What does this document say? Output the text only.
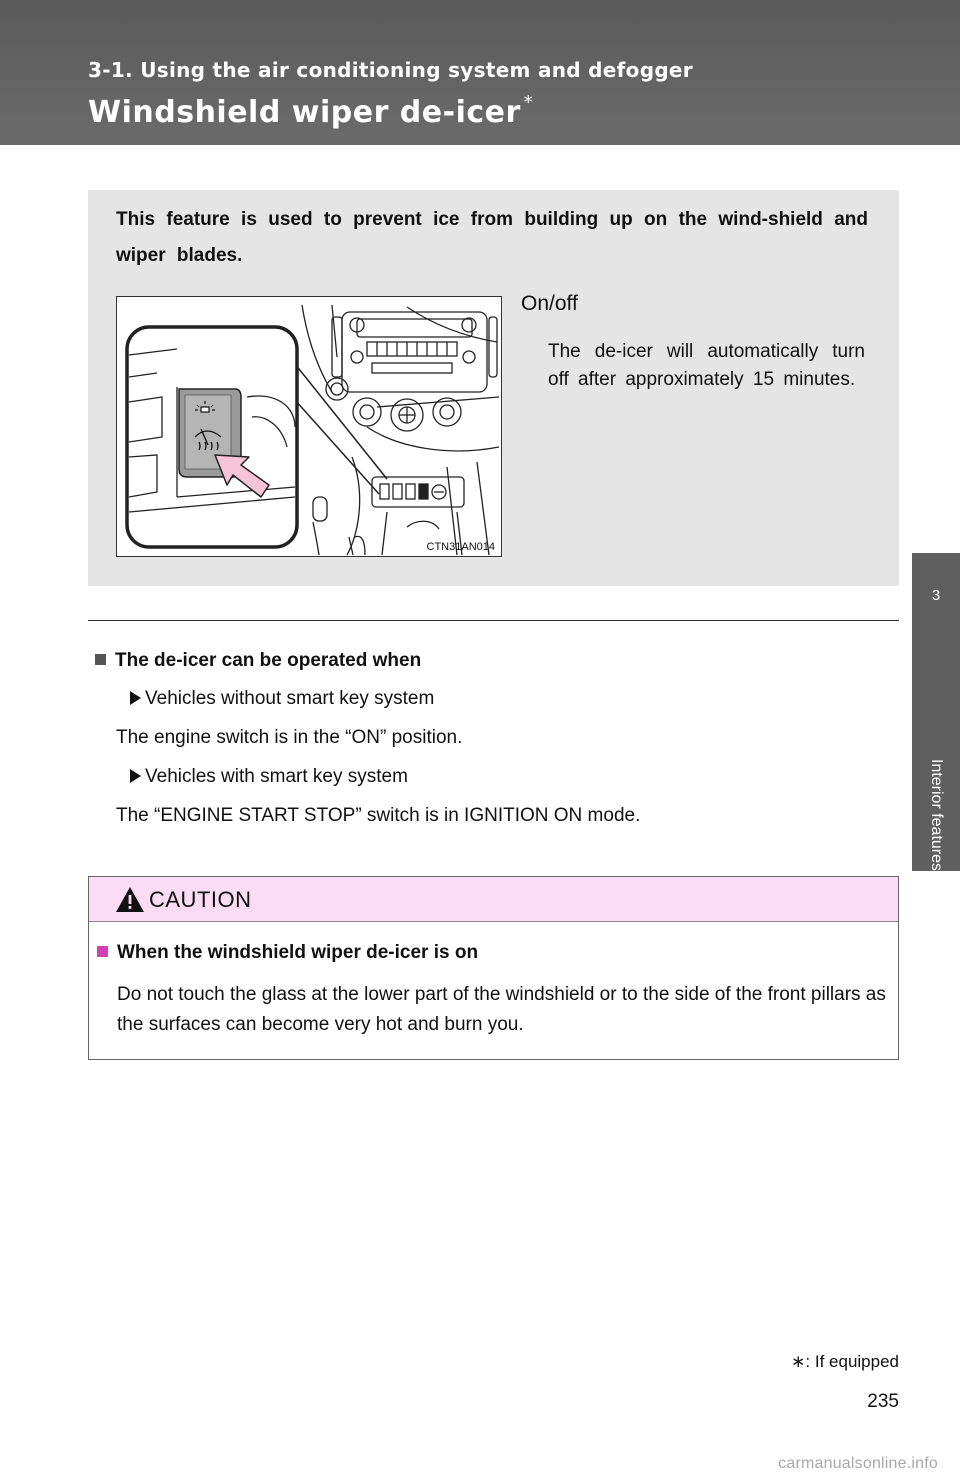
3-1. Using the air conditioning system and defogger
Windshield wiper de-icer *
3
Interior features
This feature is used to prevent ice from building up on the wind-shield and wiper blades.
CTN31AN014
On/off
The de-icer will automatically turn off after approximately 15 minutes.
The de-icer can be operated when
Vehicles without smart key system
The engine switch is in the “ON” position.
Vehicles with smart key system
The “ENGINE START STOP” switch is in IGNITION ON mode.
CAUTION
When the windshield wiper de-icer is on
Do not touch the glass at the lower part of the windshield or to the side of the front pillars as the surfaces can become very hot and burn you.
∗: If equipped
235
carmanualsonline.info
